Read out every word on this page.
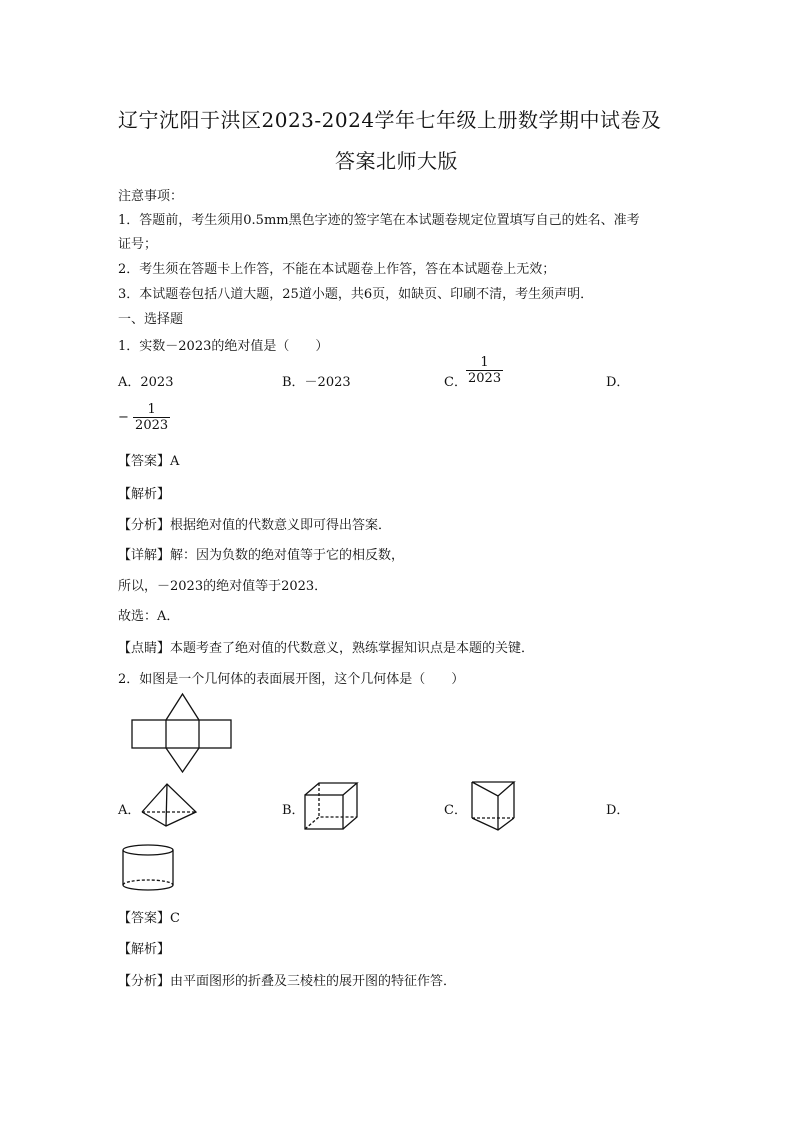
辽宁沈阳于洪区2023-2024学年七年级上册数学期中试卷及
答案北师大版
注意事项：
1．答题前，考生须用0.5mm黑色字迹的签字笔在本试题卷规定位置填写自己的姓名、准考
证号；
2．考生须在答题卡上作答，不能在本试题卷上作答，答在本试题卷上无效；
3．本试题卷包括八道大题，25道小题，共6页，如缺页、印刷不清，考生须声明．
一、选择题
1．实数－2023的绝对值是（　　）
A．2023	B．－2023	C． $\frac{1}{2023}$	D．
− $\frac{1}{2023}$
【答案】A
【解析】
【分析】根据绝对值的代数意义即可得出答案．
【详解】解：因为负数的绝对值等于它的相反数，
所以，－2023的绝对值等于2023．
故选：A．
【点睛】本题考查了绝对值的代数意义，熟练掌握知识点是本题的关键．
2．如图是一个几何体的表面展开图，这个几何体是（　　）
A．	B．	C．	D．
【答案】C
【解析】
【分析】由平面图形的折叠及三棱柱的展开图的特征作答．
